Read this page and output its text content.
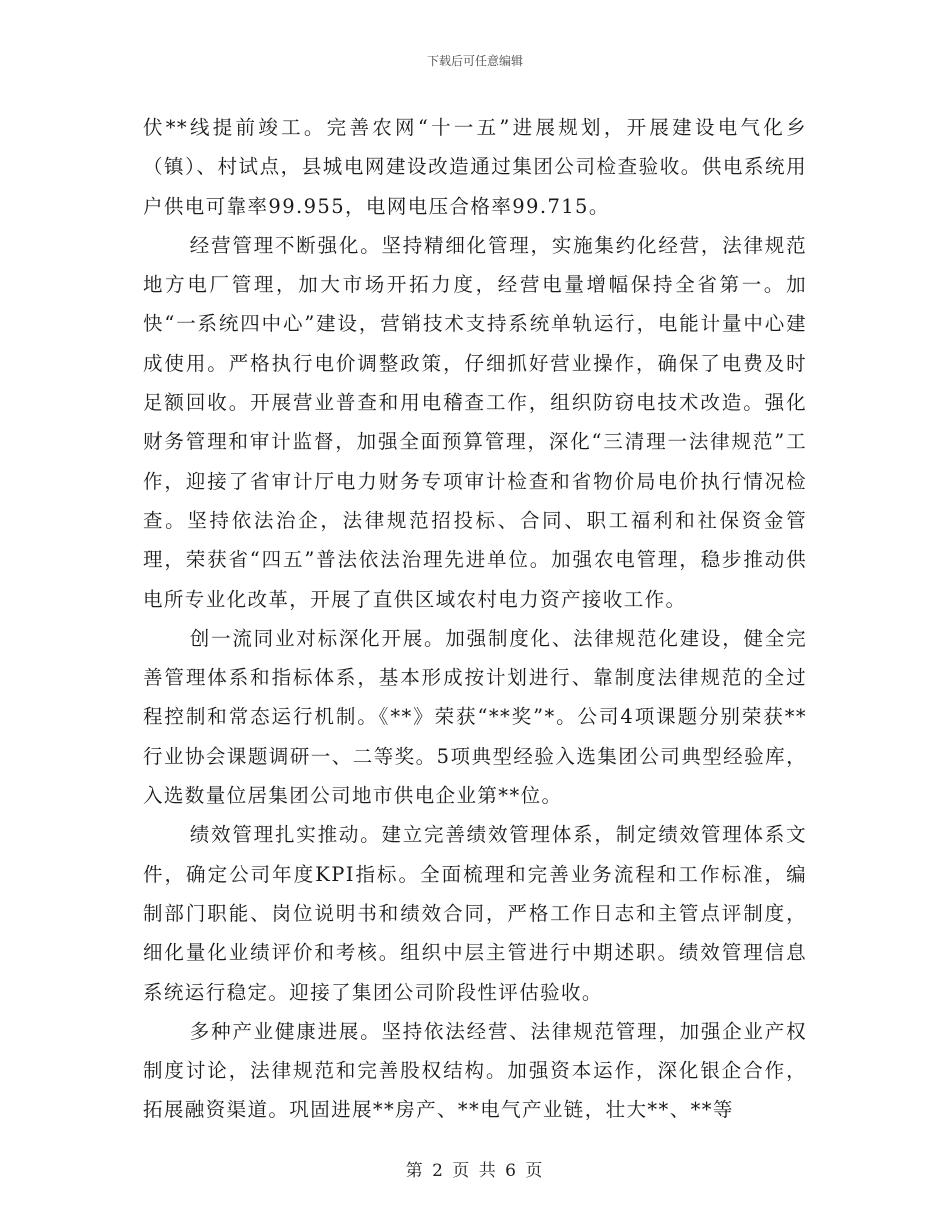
下载后可任意编辑

伏**线提前竣工。完善农网“十一五”进展规划，开展建设电气化乡（镇）、村试点，县城电网建设改造通过集团公司检查验收。供电系统用户供电可靠率99.955，电网电压合格率99.715。

经营管理不断强化。坚持精细化管理，实施集约化经营，法律规范地方电厂管理，加大市场开拓力度，经营电量增幅保持全省第一。加快“一系统四中心”建设，营销技术支持系统单轨运行，电能计量中心建成使用。严格执行电价调整政策，仔细抓好营业操作，确保了电费及时足额回收。开展营业普查和用电稽查工作，组织防窃电技术改造。强化财务管理和审计监督，加强全面预算管理，深化“三清理一法律规范”工作，迎接了省审计厅电力财务专项审计检查和省物价局电价执行情况检查。坚持依法治企，法律规范招投标、合同、职工福利和社保资金管理，荣获省“四五”普法依法治理先进单位。加强农电管理，稳步推动供电所专业化改革，开展了直供区域农村电力资产接收工作。

创一流同业对标深化开展。加强制度化、法律规范化建设，健全完善管理体系和指标体系，基本形成按计划进行、靠制度法律规范的全过程控制和常态运行机制。《**》荣获“**奖”*。公司4项课题分别荣获**行业协会课题调研一、二等奖。5项典型经验入选集团公司典型经验库，入选数量位居集团公司地市供电企业第**位。

绩效管理扎实推动。建立完善绩效管理体系，制定绩效管理体系文件，确定公司年度KPI指标。全面梳理和完善业务流程和工作标准，编制部门职能、岗位说明书和绩效合同，严格工作日志和主管点评制度，细化量化业绩评价和考核。组织中层主管进行中期述职。绩效管理信息系统运行稳定。迎接了集团公司阶段性评估验收。

多种产业健康进展。坚持依法经营、法律规范管理，加强企业产权制度讨论，法律规范和完善股权结构。加强资本运作，深化银企合作，拓展融资渠道。巩固进展**房产、**电气产业链，壮大**、**等

第 2 页 共 6 页
